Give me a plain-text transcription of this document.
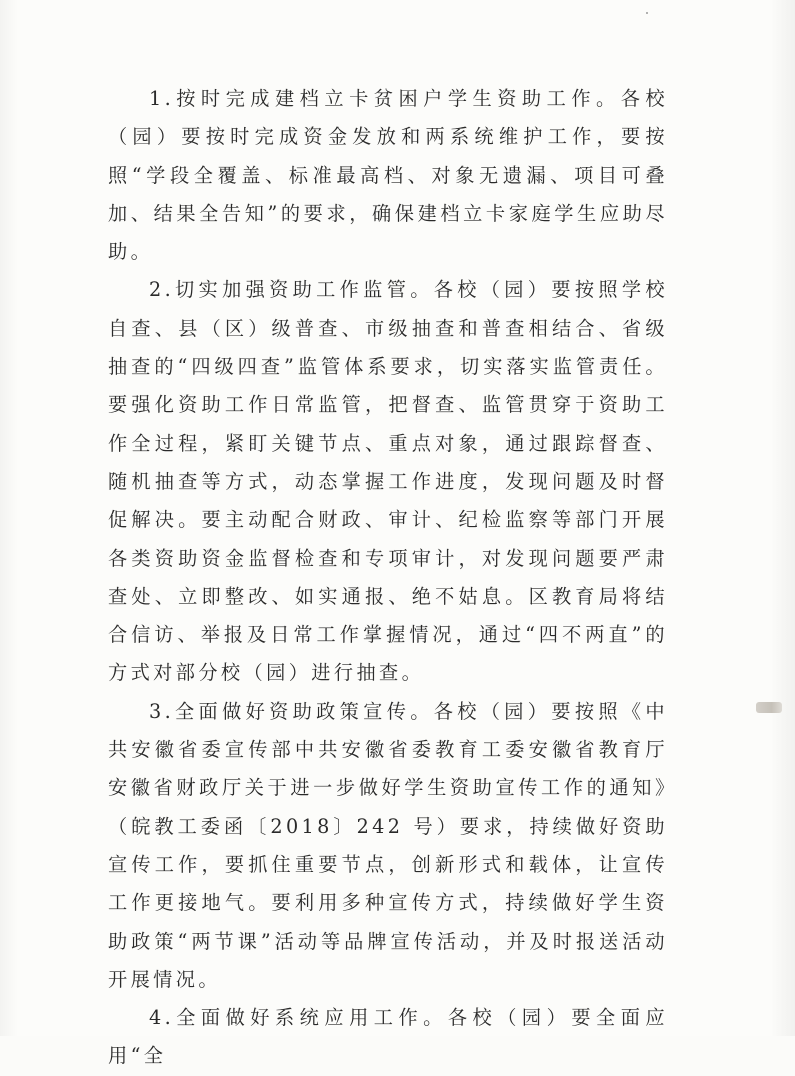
1.按时完成建档立卡贫困户学生资助工作。各校（园）要按时完成资金发放和两系统维护工作，要按照“学段全覆盖、标准最高档、对象无遗漏、项目可叠加、结果全告知”的要求，确保建档立卡家庭学生应助尽助。

2.切实加强资助工作监管。各校（园）要按照学校自查、县（区）级普查、市级抽查和普查相结合、省级抽查的“四级四查”监管体系要求，切实落实监管责任。要强化资助工作日常监管，把督查、监管贯穿于资助工作全过程，紧盯关键节点、重点对象，通过跟踪督查、随机抽查等方式，动态掌握工作进度，发现问题及时督促解决。要主动配合财政、审计、纪检监察等部门开展各类资助资金监督检查和专项审计，对发现问题要严肃查处、立即整改、如实通报、绝不姑息。区教育局将结合信访、举报及日常工作掌握情况，通过“四不两直”的方式对部分校（园）进行抽查。

3.全面做好资助政策宣传。各校（园）要按照《中共安徽省委宣传部中共安徽省委教育工委安徽省教育厅安徽省财政厅关于进一步做好学生资助宣传工作的通知》（皖教工委函〔2018〕242 号）要求，持续做好资助宣传工作，要抓住重要节点，创新形式和载体，让宣传工作更接地气。要利用多种宣传方式，持续做好学生资助政策“两节课”活动等品牌宣传活动，并及时报送活动开展情况。

4.全面做好系统应用工作。各校（园）要全面应用“全
